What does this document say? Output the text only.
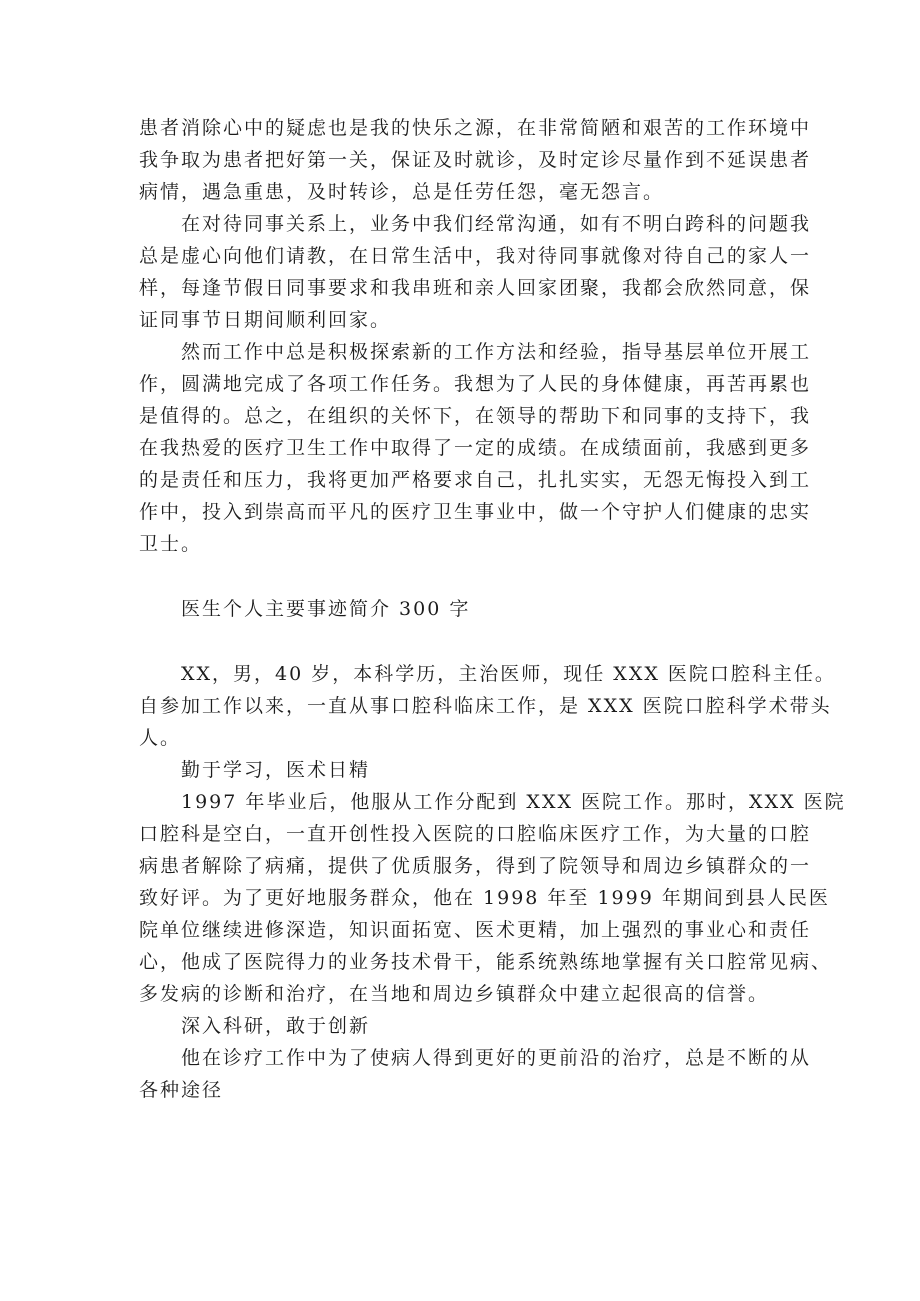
患者消除心中的疑虑也是我的快乐之源，在非常简陋和艰苦的工作环境中
我争取为患者把好第一关，保证及时就诊，及时定诊尽量作到不延误患者
病情，遇急重患，及时转诊，总是任劳任怨，毫无怨言。
在对待同事关系上，业务中我们经常沟通，如有不明白跨科的问题我
总是虚心向他们请教，在日常生活中，我对待同事就像对待自己的家人一
样，每逢节假日同事要求和我串班和亲人回家团聚，我都会欣然同意，保
证同事节日期间顺利回家。
然而工作中总是积极探索新的工作方法和经验，指导基层单位开展工
作，圆满地完成了各项工作任务。我想为了人民的身体健康，再苦再累也
是值得的。总之，在组织的关怀下，在领导的帮助下和同事的支持下，我
在我热爱的医疗卫生工作中取得了一定的成绩。在成绩面前，我感到更多
的是责任和压力，我将更加严格要求自己，扎扎实实，无怨无悔投入到工
作中，投入到崇高而平凡的医疗卫生事业中，做一个守护人们健康的忠实
卫士。
医生个人主要事迹简介 300 字
XX，男，40 岁，本科学历，主治医师，现任 XXX 医院口腔科主任。
自参加工作以来，一直从事口腔科临床工作，是 XXX 医院口腔科学术带头
人。
勤于学习，医术日精
1997 年毕业后，他服从工作分配到 XXX 医院工作。那时，XXX 医院
口腔科是空白，一直开创性投入医院的口腔临床医疗工作，为大量的口腔
病患者解除了病痛，提供了优质服务，得到了院领导和周边乡镇群众的一
致好评。为了更好地服务群众，他在 1998 年至 1999 年期间到县人民医
院单位继续进修深造，知识面拓宽、医术更精，加上强烈的事业心和责任
心，他成了医院得力的业务技术骨干，能系统熟练地掌握有关口腔常见病、
多发病的诊断和治疗，在当地和周边乡镇群众中建立起很高的信誉。
深入科研，敢于创新
他在诊疗工作中为了使病人得到更好的更前沿的治疗，总是不断的从
各种途径
